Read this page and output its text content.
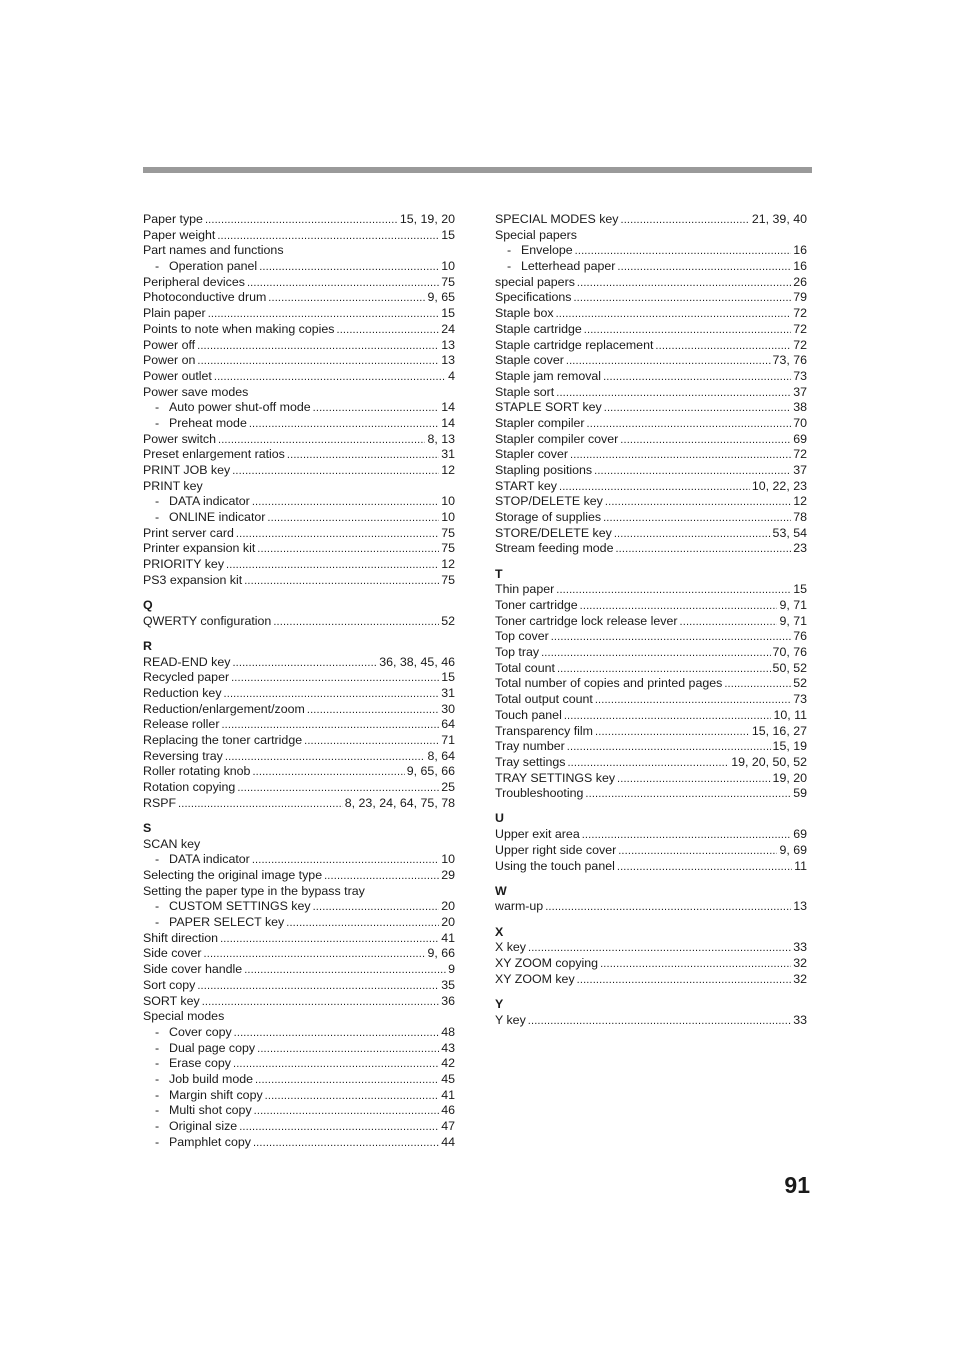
Paper type . . .	15, 19, 20
Paper weight . . .	15
Part names and functions
- Operation panel . . .	10
Peripheral devices . . .	75
Photoconductive drum . . .	9, 65
Plain paper . . .	15
Points to note when making copies . . .	24
Power off . . .	13
Power on . . .	13
Power outlet . . .	4
Power save modes
- Auto power shut-off mode . . .	14
- Preheat mode . . .	14
Power switch . . .	8, 13
Preset enlargement ratios . . .	31
PRINT JOB key . . .	12
PRINT key
- DATA indicator . . .	10
- ONLINE indicator . . .	10
Print server card . . .	75
Printer expansion kit . . .	75
PRIORITY key . . .	12
PS3 expansion kit . . .	75
Q
QWERTY configuration . . .	52
R
READ-END key . . .	36, 38, 45, 46
Recycled paper . . .	15
Reduction key . . .	31
Reduction/enlargement/zoom . . .	30
Release roller . . .	64
Replacing the toner cartridge . . .	71
Reversing tray . . .	8, 64
Roller rotating knob . . .	9, 65, 66
Rotation copying . . .	25
RSPF . . .	8, 23, 24, 64, 75, 78
S
SCAN key
- DATA indicator . . .	10
Selecting the original image type . . .	29
Setting the paper type in the bypass tray
- CUSTOM SETTINGS key . . .	20
- PAPER SELECT key . . .	20
Shift direction . . .	41
Side cover . . .	9, 66
Side cover handle . . .	9
Sort copy . . .	35
SORT key . . .	36
Special modes
- Cover copy . . .	48
- Dual page copy . . .	43
- Erase copy . . .	42
- Job build mode . . .	45
- Margin shift copy . . .	41
- Multi shot copy . . .	46
- Original size . . .	47
- Pamphlet copy . . .	44
SPECIAL MODES key . . .	21, 39, 40
Special papers
- Envelope . . .	16
- Letterhead paper . . .	16
special papers . . .	26
Specifications . . .	79
Staple box . . .	72
Staple cartridge . . .	72
Staple cartridge replacement . . .	72
Staple cover . . .	73, 76
Staple jam removal . . .	73
Staple sort . . .	37
STAPLE SORT key . . .	38
Stapler compiler . . .	70
Stapler compiler cover . . .	69
Stapler cover . . .	72
Stapling positions . . .	37
START key . . .	10, 22, 23
STOP/DELETE key . . .	12
Storage of supplies . . .	78
STORE/DELETE key . . .	53, 54
Stream feeding mode . . .	23
T
Thin paper . . .	15
Toner cartridge . . .	9, 71
Toner cartridge lock release lever . . .	9, 71
Top cover . . .	76
Top tray . . .	70, 76
Total count . . .	50, 52
Total number of copies and printed pages . . .	52
Total output count . . .	73
Touch panel . . .	10, 11
Transparency film . . .	15, 16, 27
Tray number . . .	15, 19
Tray settings . . .	19, 20, 50, 52
TRAY SETTINGS key . . .	19, 20
Troubleshooting . . .	59
U
Upper exit area . . .	69
Upper right side cover . . .	9, 69
Using the touch panel . . .	11
W
warm-up . . .	13
X
X key . . .	33
XY ZOOM copying . . .	32
XY ZOOM key . . .	32
Y
Y key . . .	33
91
